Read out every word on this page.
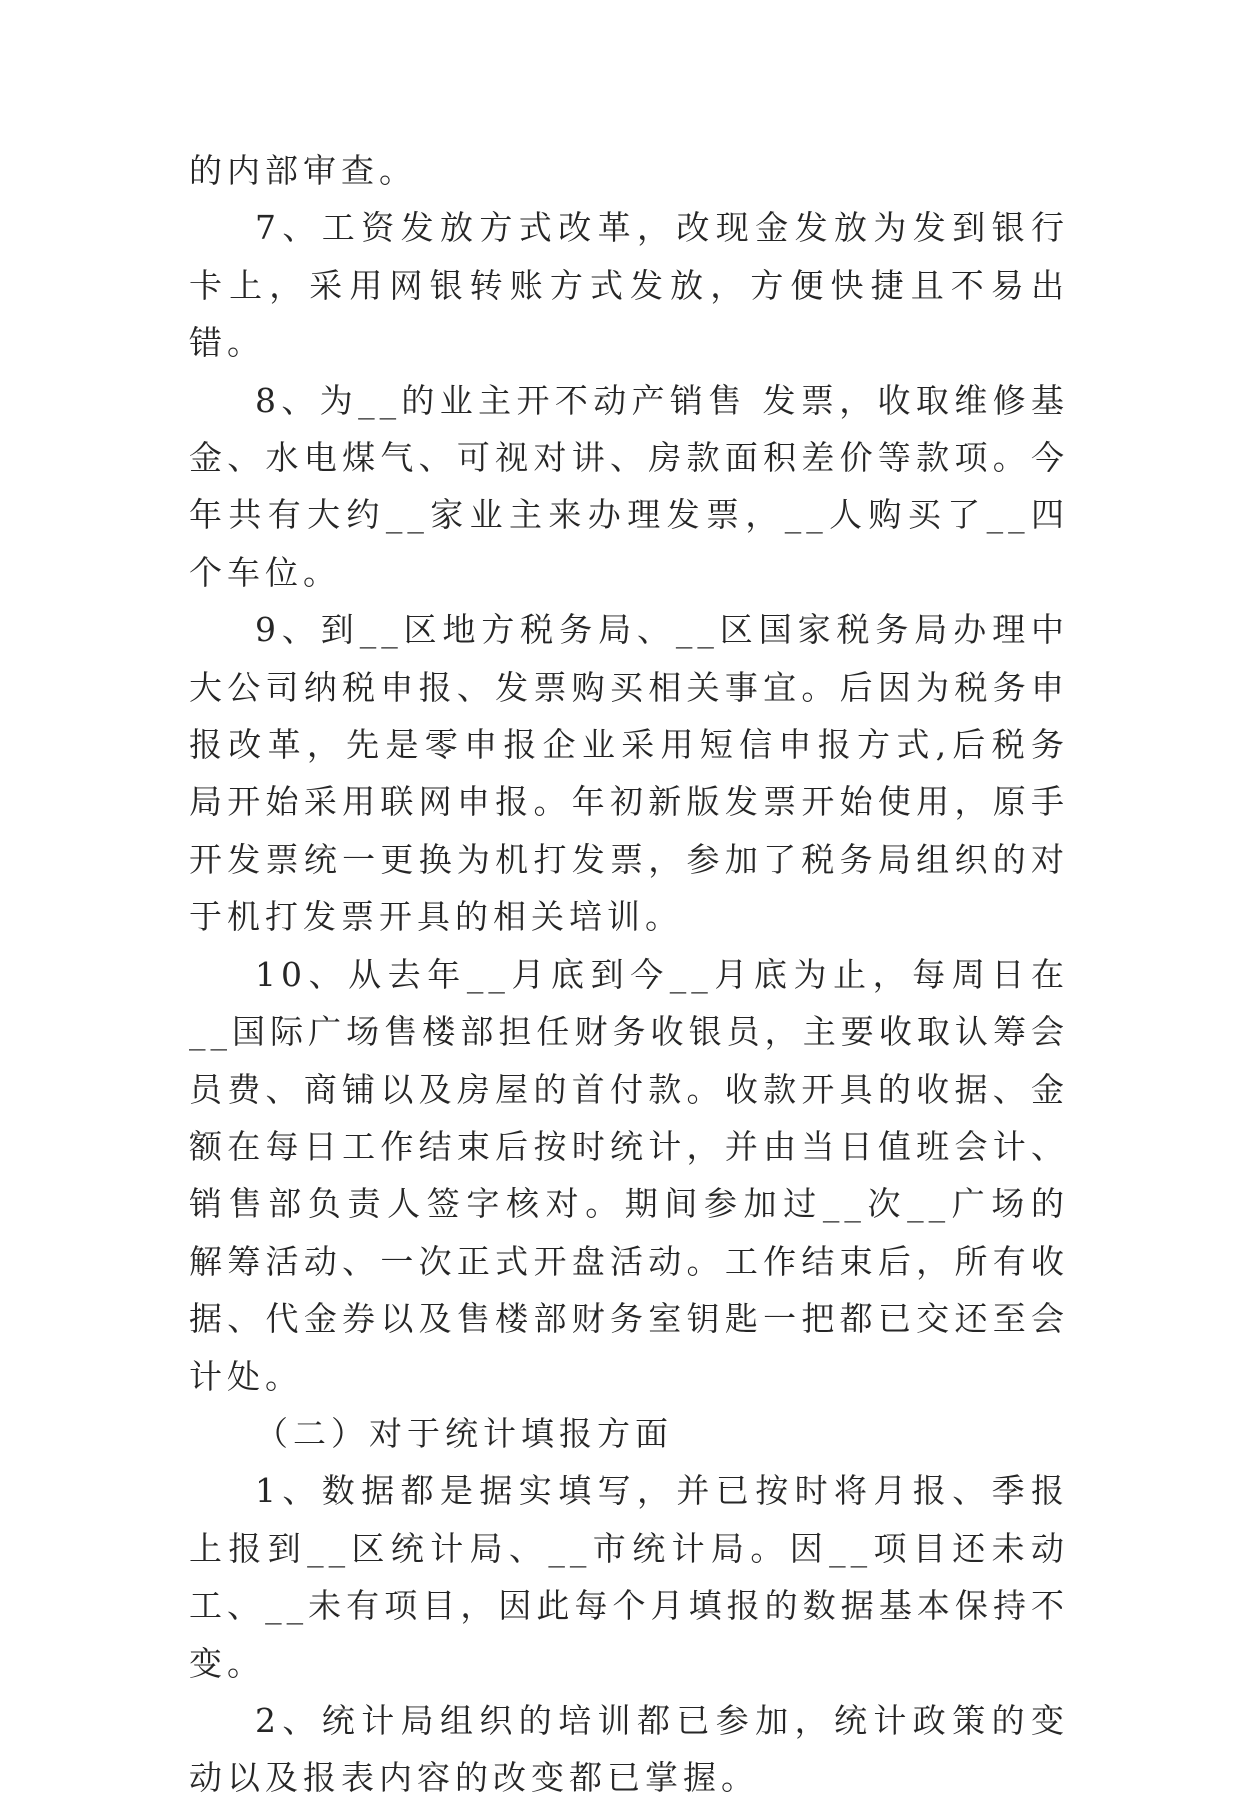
的内部审查。

7、工资发放方式改革，改现金发放为发到银行卡上，采用网银转账方式发放，方便快捷且不易出错。

8、为__的业主开不动产销售 发票，收取维修基金、水电煤气、可视对讲、房款面积差价等款项。今年共有大约__家业主来办理发票，__人购买了__四个车位。

9、到__区地方税务局、__区国家税务局办理中大公司纳税申报、发票购买相关事宜。后因为税务申报改革，先是零申报企业采用短信申报方式,后税务局开始采用联网申报。年初新版发票开始使用，原手开发票统一更换为机打发票，参加了税务局组织的对于机打发票开具的相关培训。

10、从去年__月底到今__月底为止，每周日在__国际广场售楼部担任财务收银员，主要收取认筹会员费、商铺以及房屋的首付款。收款开具的收据、金额在每日工作结束后按时统计，并由当日值班会计、销售部负责人签字核对。期间参加过__次__广场的解筹活动、一次正式开盘活动。工作结束后，所有收据、代金券以及售楼部财务室钥匙一把都已交还至会计处。

（二）对于统计填报方面

1、数据都是据实填写，并已按时将月报、季报上报到__区统计局、__市统计局。因__项目还未动工、__未有项目，因此每个月填报的数据基本保持不变。

2、统计局组织的培训都已参加，统计政策的变动以及报表内容的改变都已掌握。
